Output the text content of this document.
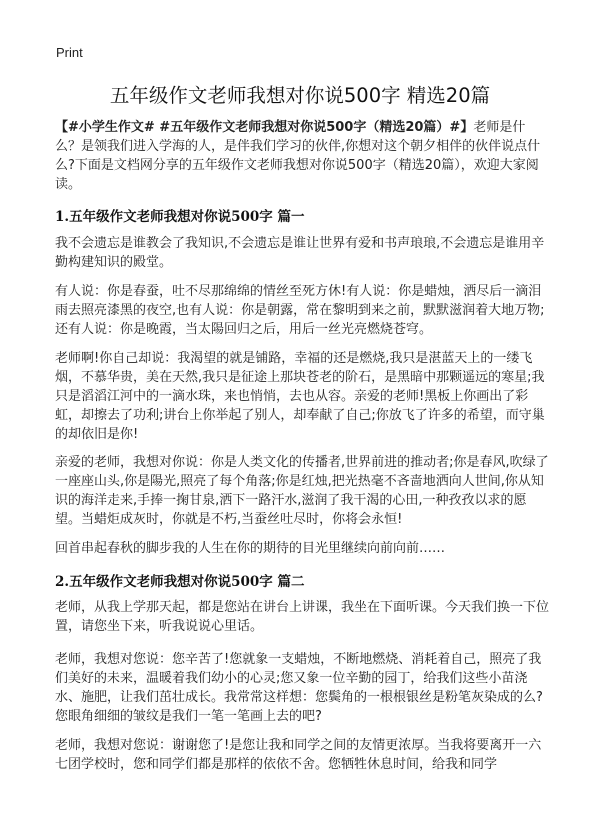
Print
五年级作文老师我想对你说500字 精选20篇

【#小学生作文# #五年级作文老师我想对你说500字（精选20篇）#】老师是什么？是领我们进入学海的人，是伴我们学习的伙伴,你想对这个朝夕相伴的伙伴说点什么?下面是文档网分享的五年级作文老师我想对你说500字（精选20篇），欢迎大家阅读。

1.五年级作文老师我想对你说500字 篇一

我不会遗忘是谁教会了我知识,不会遗忘是谁让世界有爱和书声琅琅,不会遗忘是谁用辛勤构建知识的殿堂。

有人说：你是春蚕，吐不尽那绵绵的情丝至死方休!有人说：你是蜡烛，洒尽后一滴泪雨去照亮漆黑的夜空,也有人说：你是朝露，常在黎明到来之前，默默滋润着大地万物;还有人说：你是晚霞，当太陽回归之后，用后一丝光亮燃烧苍穹。

老师啊!你自己却说：我渴望的就是铺路，幸福的还是燃烧,我只是湛蓝天上的一缕飞烟，不慕华贵，美在天然,我只是征途上那块苍老的阶石，是黑暗中那颗遥远的寒星;我只是滔滔江河中的一滴水珠，来也悄悄，去也从容。亲爱的老师!黑板上你画出了彩虹，却擦去了功利;讲台上你举起了别人，却奉献了自己;你放飞了许多的希望，而守巢的却依旧是你!

亲爱的老师，我想对你说：你是人类文化的传播者,世界前进的推动者;你是春风,吹绿了一座座山头,你是陽光,照亮了每个角落;你是红烛,把光热毫不吝啬地洒向人世间,你从知识的海洋走来,手捧一掬甘泉,洒下一路汗水,滋润了我干渴的心田,一种孜孜以求的愿望。当蜡炬成灰时，你就是不朽,当蚕丝吐尽时，你将会永恒!

回首串起春秋的脚步我的人生在你的期待的目光里继续向前向前……

2.五年级作文老师我想对你说500字 篇二

老师，从我上学那天起，都是您站在讲台上讲课，我坐在下面听课。今天我们换一下位置，请您坐下来，听我说说心里话。

老师，我想对您说：您辛苦了!您就象一支蜡烛，不断地燃烧、消耗着自己，照亮了我们美好的未来，温暖着我们幼小的心灵;您又象一位辛勤的园丁，给我们这些小苗浇水、施肥，让我们茁壮成长。我常常这样想：您鬓角的一根根银丝是粉笔灰染成的么?您眼角细细的皱纹是我们一笔一笔画上去的吧?

老师，我想对您说：谢谢您了!是您让我和同学之间的友情更浓厚。当我将要离开一六七团学校时，您和同学们都是那样的依依不舍。您牺牲休息时间，给我和同学
